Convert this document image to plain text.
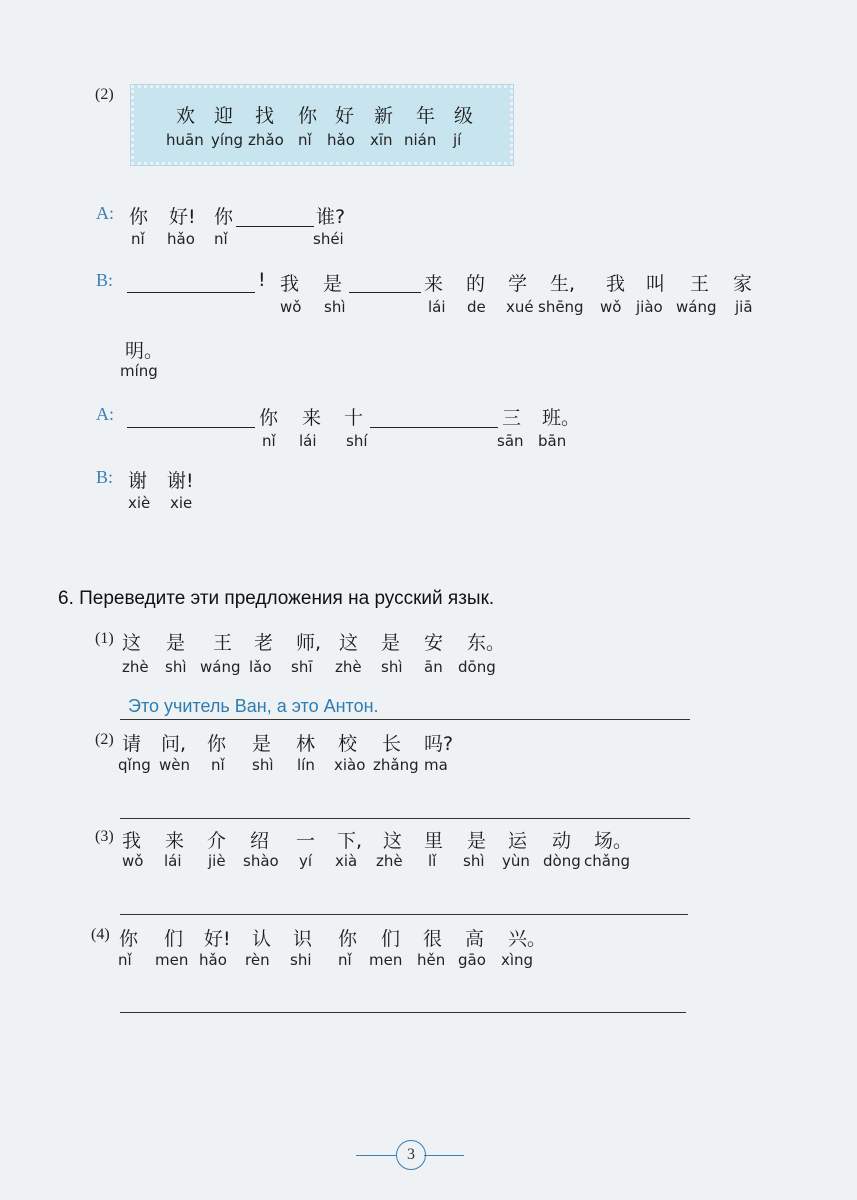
(2)
欢 迎 找 你 好 新 年 级
huān yíng zhǎo nǐ hǎo xīn nián jí
A: 你 好! 你	谁?
nǐ hǎo nǐ	shéi
B:	! 我 是	来 的 学 生, 我 叫 王 家
wǒ shì	lái de xué shēng wǒ jiào wáng jiā
明。
míng
A:	你 来 十	三 班。
nǐ lái shí	sān bān
B: 谢 谢!
xiè xie
6. Переведите эти предложения на русский язык.
(1) 这 是 王 老 师, 这 是 安 东。
zhè shì wáng lǎo shī zhè shì ān dōng
Это учитель Ван, а это Антон.
(2) 请 问, 你 是 林 校 长 吗?
qǐng wèn nǐ shì lín xiào zhǎng ma
(3) 我 来 介 绍 一 下, 这 里 是 运 动 场。
wǒ lái jiè shào yí xià zhè lǐ shì yùn dòng chǎng
(4) 你 们 好! 认 识 你 们 很 高 兴。
nǐ men hǎo rèn shi nǐ men hěn gāo xìng
3
